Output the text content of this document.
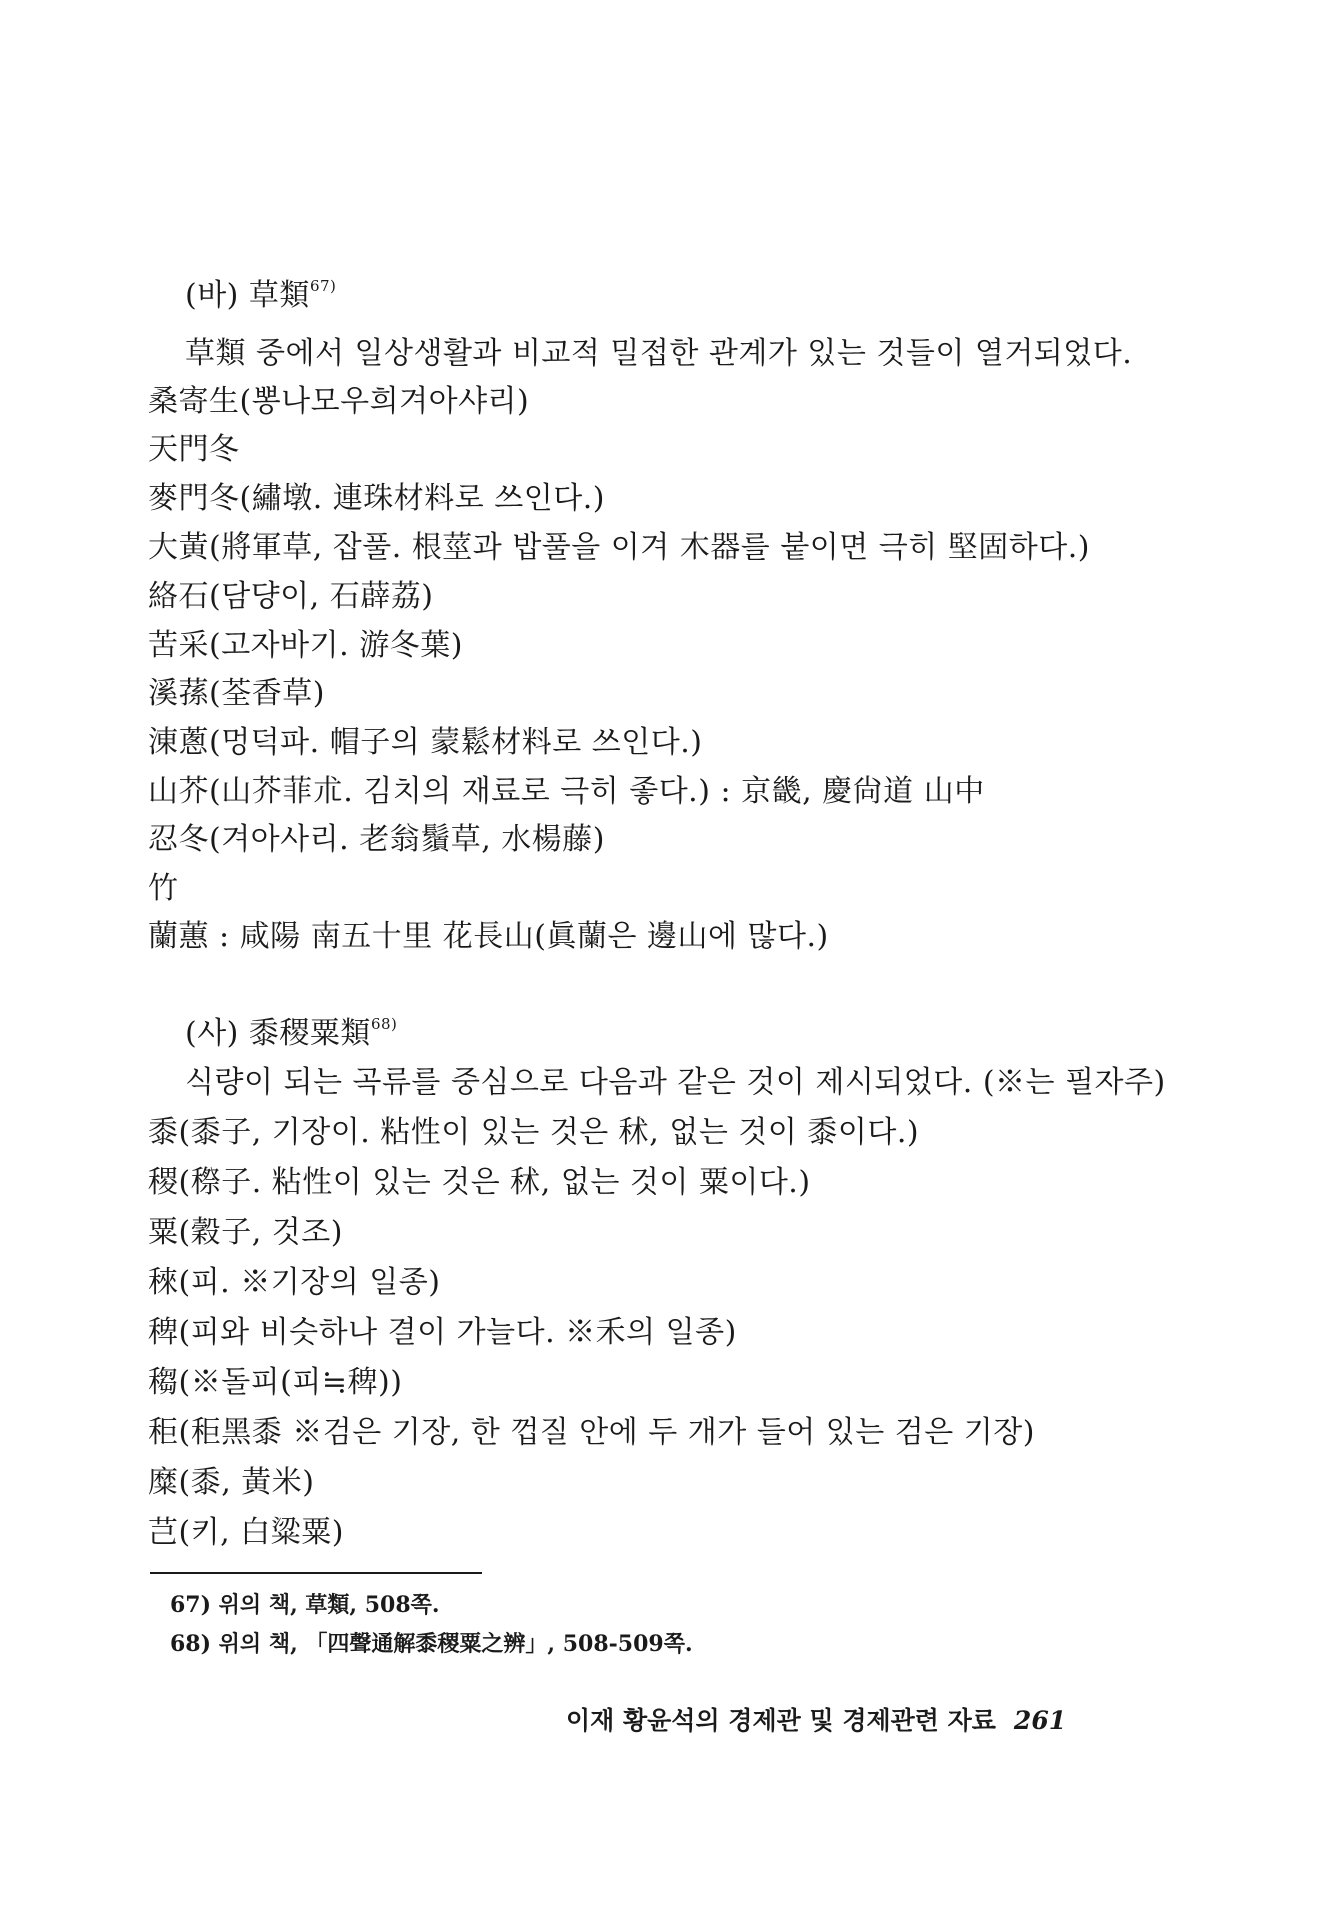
(바) 草類$^{67)}$
草類 중에서 일상생활과 비교적 밀접한 관계가 있는 것들이 열거되었다.
桑寄生(뽕나모우희겨아샤리)
天門冬
麥門冬(繡墩. 連珠材料로 쓰인다.)
大黃(將軍草, 잡풀. 根莖과 밥풀을 이겨 木器를 붙이면 극히 堅固하다.)
絡石(담댱이, 石薜荔)
苦采(고자바기. 游冬葉)
溪蓀(荃香草)
涷蔥(멍덕파. 帽子의 蒙鬆材料로 쓰인다.)
山芥(山芥菲朮. 김치의 재료로 극히 좋다.) : 京畿, 慶尙道 山中
忍冬(겨아사리. 老翁鬚草, 水楊藤)
竹
蘭蕙 : 咸陽 南五十里 花長山(眞蘭은 邊山에 많다.)
(사) 黍稷粟類$^{68)}$
식량이 되는 곡류를 중심으로 다음과 같은 것이 제시되었다. (※는 필자주)
黍(黍子, 기장이. 粘性이 있는 것은 秫, 없는 것이 黍이다.)
稷(穄子. 粘性이 있는 것은 秫, 없는 것이 粟이다.)
粟(穀子, 것조)
䅘(피. ※기장의 일종)
稗(피와 비슷하나 결이 가늘다. ※禾의 일종)
䅳(※돌피(피≒稗))
秬(秬黑黍 ※검은 기장, 한 껍질 안에 두 개가 들어 있는 검은 기장)
糜(黍, 黃米)
芑(키, 白粱粟)
67) 위의 책, 草類, 508쪽.
68) 위의 책, 「四聲通解黍稷粟之辨」, 508-509쪽.
이재 황윤석의 경제관 및 경제관련 자료 261
